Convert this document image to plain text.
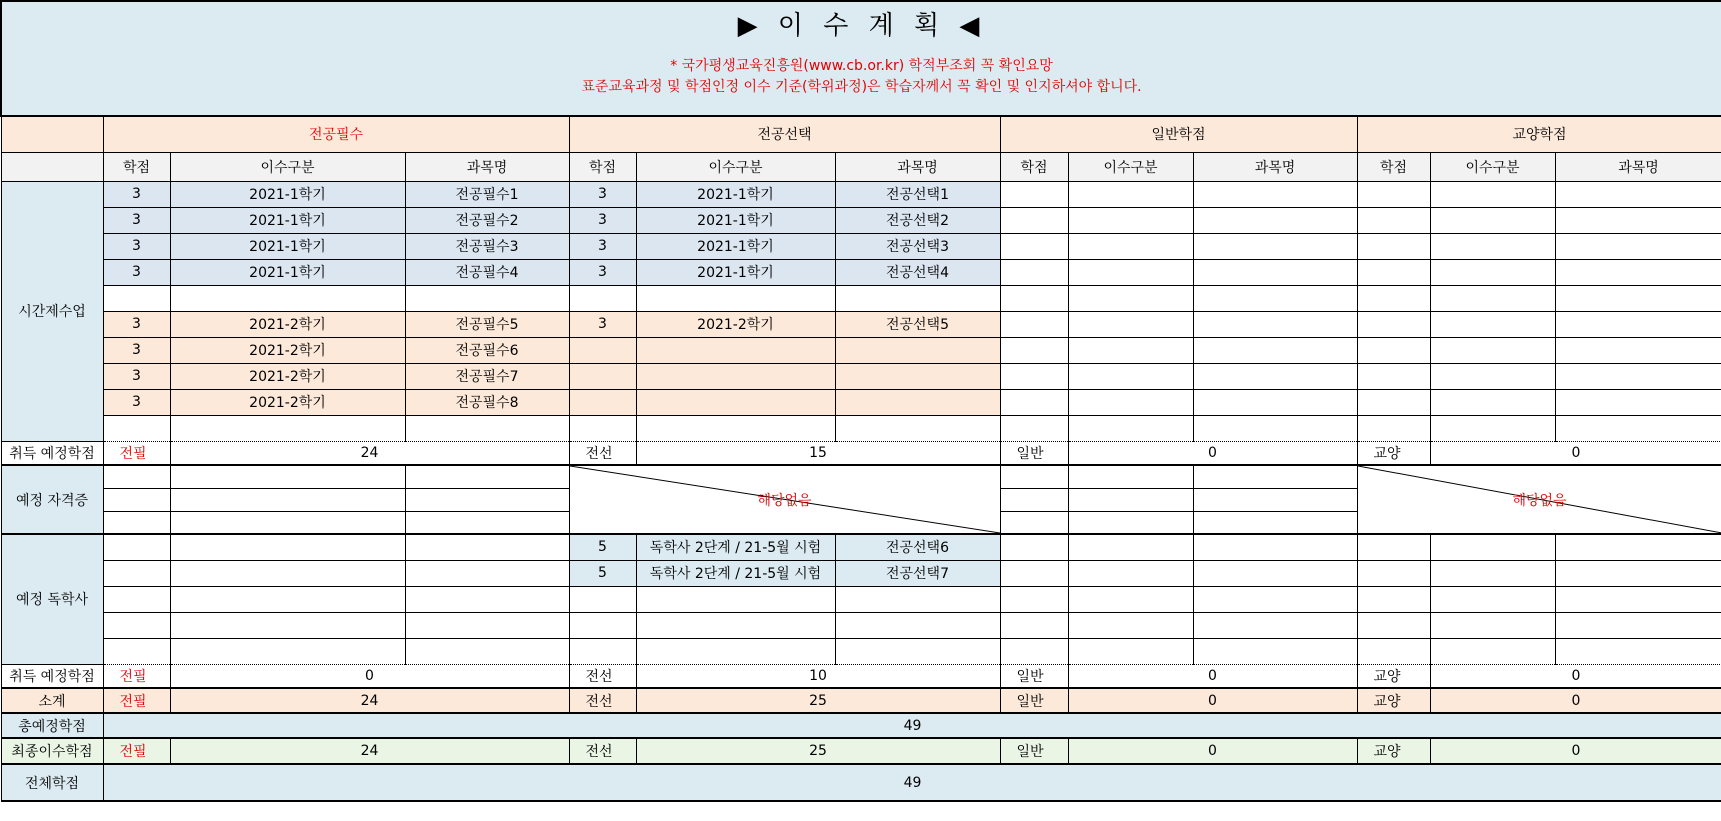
▶ 이 수 계 획 ◀
* 국가평생교육진흥원(www.cb.or.kr) 학적부조회 꼭 확인요망
표준교육과정 및 학점인정 이수 기준(학위과정)은 학습자께서 꼭 확인 및 인지하셔야 합니다.												

	전공필수			전공선택			일반학점			교양학점		
	학점	이수구분	과목명	학점	이수구분	과목명	학점	이수구분	과목명	학점	이수구분	과목명
시간제수업	3	2021-1학기	전공필수1	3	2021-1학기	전공선택1						
	3	2021-1학기	전공필수2	3	2021-1학기	전공선택2						
	3	2021-1학기	전공필수3	3	2021-1학기	전공선택3						
	3	2021-1학기	전공필수4	3	2021-1학기	전공선택4						

	3	2021-2학기	전공필수5	3	2021-2학기	전공선택5						
	3	2021-2학기	전공필수6									
	3	2021-2학기	전공필수7									
	3	2021-2학기	전공필수8									

취득 예정학점	전필	24		전선	15		일반	0		교양	0	
예정 자격증				해당없음						해당없음		

예정 독학사				5	독학사 2단계 / 21-5월 시험	전공선택6						
				5	독학사 2단계 / 21-5월 시험	전공선택7						

취득 예정학점	전필	0		전선	10		일반	0		교양	0	
소계	전필	24		전선	25		일반	0		교양	0	
총예정학점	49											
최종이수학점	전필	24		전선	25		일반	0		교양	0	
전체학점	49											
